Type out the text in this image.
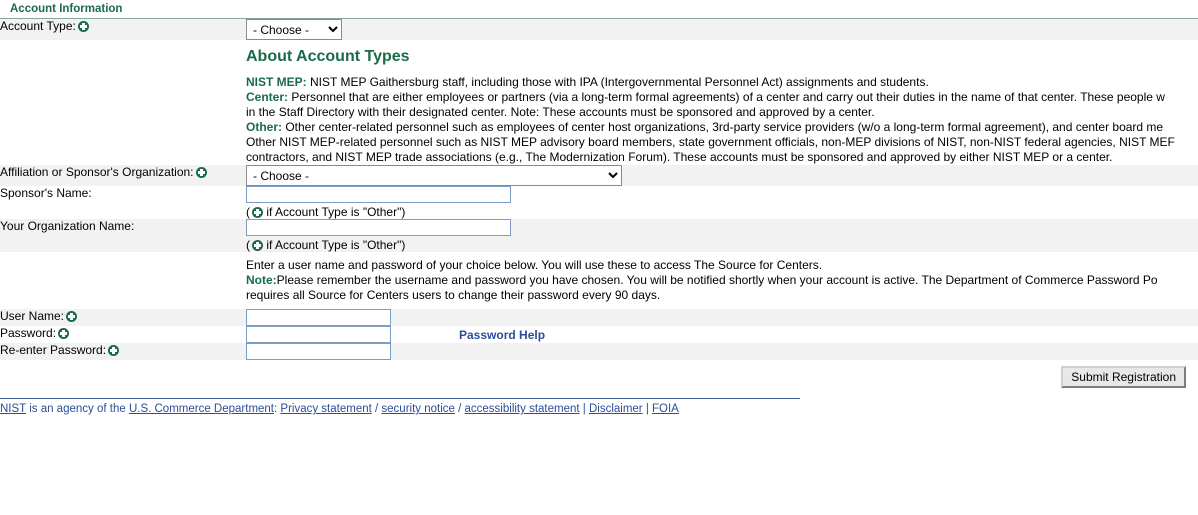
Account Information
Account Type:	
- Choose -

About Account Types
NIST MEP: NIST MEP Gaithersburg staff, including those with IPA (Intergovernmental Personnel Act) assignments and students.
Center: Personnel that are either employees or partners (via a long-term formal agreements) of a center and carry out their duties in the name of that center. These people w
in the Staff Directory with their designated center. Note: These accounts must be sponsored and approved by a center.
Other: Other center-related personnel such as employees of center host organizations, 3rd-party service providers (w/o a long-term formal agreement), and center board me
Other NIST MEP-related personnel such as NIST MEP advisory board members, state government officials, non-MEP divisions of NIST, non-NIST federal agencies, NIST MEF
contractors, and NIST MEP trade associations (e.g., The Modernization Forum). These accounts must be sponsored and approved by either NIST MEP or a center.

Affiliation or Sponsor's Organization:	
- Choose -
Sponsor's Name:	( if Account Type is "Other")

Your Organization Name:	( if Account Type is "Other")

	Enter a user name and password of your choice below. You will use these to access The Source for Centers.
Note:Please remember the username and password you have chosen. You will be notified shortly when your account is active. The Department of Commerce Password Po
requires all Source for Centers users to change their password every 90 days.

User Name:	
Password:	Password Help
Re-enter Password:	
Submit Registration
NIST is an agency of the U.S. Commerce Department: Privacy statement / security notice / accessibility statement | Disclaimer | FOIA
